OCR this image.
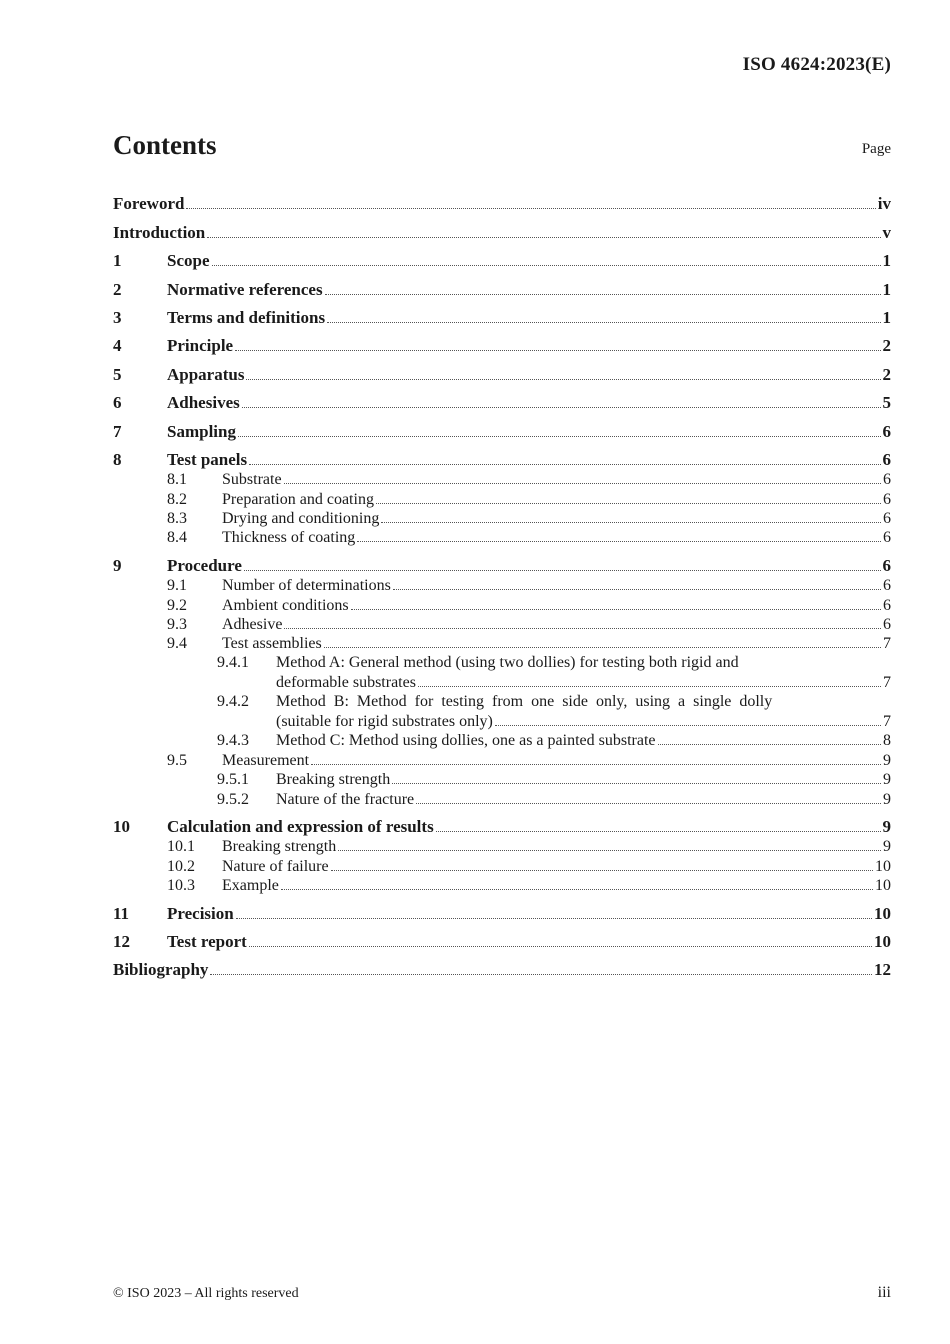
ISO 4624:2023(E)
Contents	Page
Foreword	iv
Introduction	v
1	Scope	1
2	Normative references	1
3	Terms and definitions	1
4	Principle	2
5	Apparatus	2
6	Adhesives	5
7	Sampling	6
8	Test panels	6
8.1	Substrate	6
8.2	Preparation and coating	6
8.3	Drying and conditioning	6
8.4	Thickness of coating	6
9	Procedure	6
9.1	Number of determinations	6
9.2	Ambient conditions	6
9.3	Adhesive	6
9.4	Test assemblies	7
9.4.1	Method A: General method (using two dollies) for testing both rigid and
deformable substrates	7
9.4.2	Method B: Method for testing from one side only, using a single dolly
(suitable for rigid substrates only)	7
9.4.3	Method C: Method using dollies, one as a painted substrate	8
9.5	Measurement	9
9.5.1	Breaking strength	9
9.5.2	Nature of the fracture	9
10	Calculation and expression of results	9
10.1	Breaking strength	9
10.2	Nature of failure	10
10.3	Example	10
11	Precision	10
12	Test report	10
Bibliography	12
© ISO 2023 – All rights reserved	iii
